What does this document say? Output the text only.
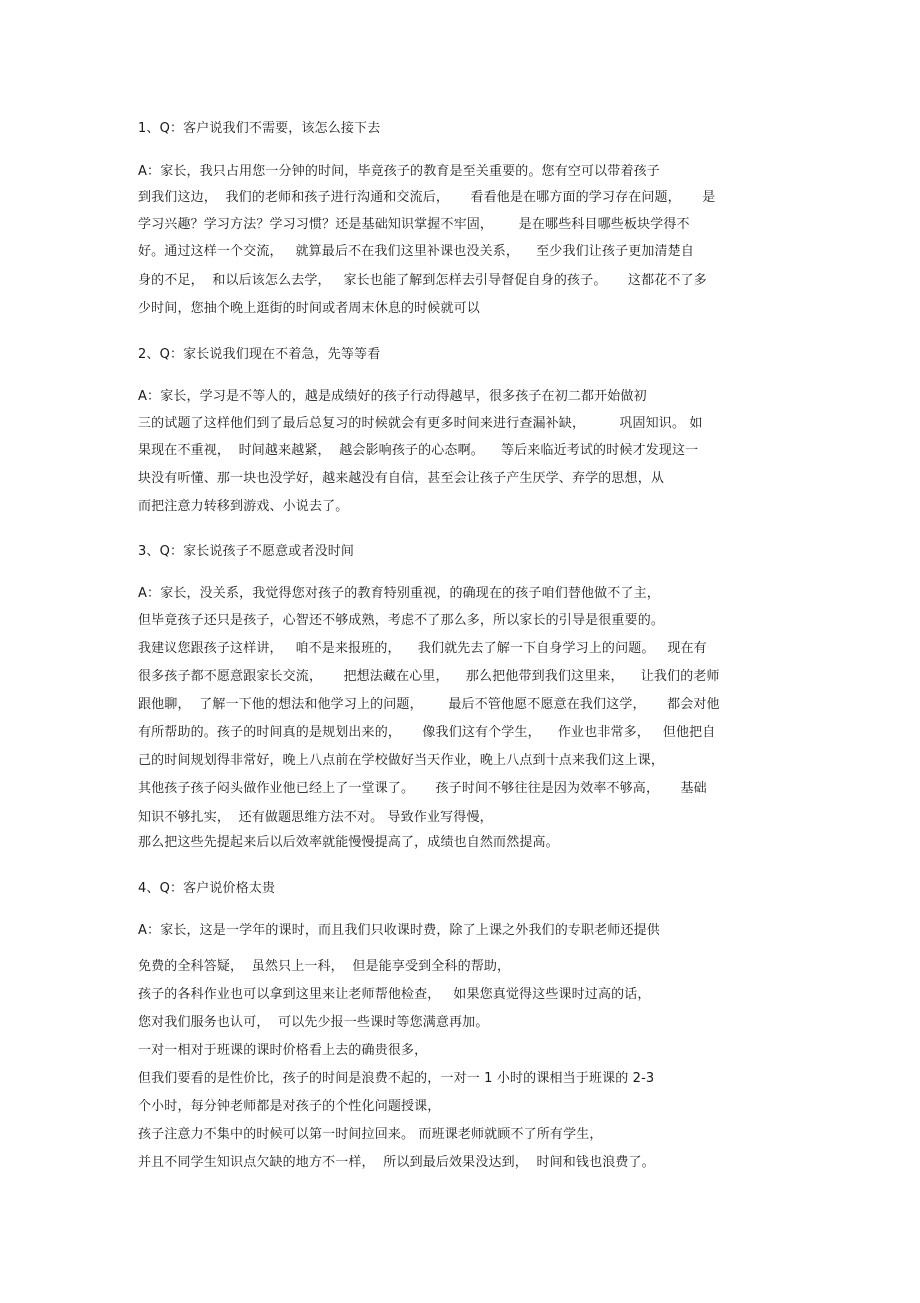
1、Q：客户说我们不需要，该怎么接下去

A：家长，我只占用您一分钟的时间，毕竟孩子的教育是至关重要的。您有空可以带着孩子

到我们这边，  我们的老师和孩子进行沟通和交流后，     看看他是在哪方面的学习存在问题，     是

学习兴趣？学习方法？学习习惯？还是基础知识掌握不牢固，      是在哪些科目哪些板块学得不

好。通过这样一个交流，   就算最后不在我们这里补课也没关系，    至少我们让孩子更加清楚自

身的不足，  和以后该怎么去学，   家长也能了解到怎样去引导督促自身的孩子。     这都花不了多

少时间，您抽个晚上逛街的时间或者周末休息的时候就可以

2、Q：家长说我们现在不着急，先等等看

A：家长，学习是不等人的，越是成绩好的孩子行动得越早，很多孩子在初二都开始做初

三的试题了这样他们到了最后总复习的时候就会有更多时间来进行查漏补缺，        巩固知识。 如

果现在不重视，  时间越来越紧，  越会影响孩子的心态啊。    等后来临近考试的时候才发现这一

块没有听懂、那一块也没学好，越来越没有自信，甚至会让孩子产生厌学、弃学的思想，从

而把注意力转移到游戏、小说去了。

3、Q：家长说孩子不愿意或者没时间

A：家长，没关系，我觉得您对孩子的教育特别重视，的确现在的孩子咱们替他做不了主，

但毕竟孩子还只是孩子，心智还不够成熟，考虑不了那么多，所以家长的引导是很重要的。

我建议您跟孩子这样讲，   咱不是来报班的，    我们就先去了解一下自身学习上的问题。   现在有

很多孩子都不愿意跟家长交流，     把想法藏在心里，    那么把他带到我们这里来，    让我们的老师

跟他聊，  了解一下他的想法和他学习上的问题，      最后不管他愿不愿意在我们这学，     都会对他

有所帮助的。孩子的时间真的是规划出来的，     像我们这有个学生，    作业也非常多，   但他把自

己的时间规划得非常好，晚上八点前在学校做好当天作业，晚上八点到十点来我们这上课，

其他孩子孩子闷头做作业他已经上了一堂课了。     孩子时间不够往往是因为效率不够高，     基础

知识不够扎实，  还有做题思维方法不对。 导致作业写得慢，

那么把这些先提起来后以后效率就能慢慢提高了，成绩也自然而然提高。

4、Q：客户说价格太贵

A：家长，这是一学年的课时，而且我们只收课时费，除了上课之外我们的专职老师还提供

免费的全科答疑，  虽然只上一科，  但是能享受到全科的帮助，

孩子的各科作业也可以拿到这里来让老师帮他检查，   如果您真觉得这些课时过高的话，

您对我们服务也认可，  可以先少报一些课时等您满意再加。

一对一相对于班课的课时价格看上去的确贵很多，

但我们要看的是性价比，孩子的时间是浪费不起的，一对一 1 小时的课相当于班课的 2-3

个小时，每分钟老师都是对孩子的个性化问题授课，

孩子注意力不集中的时候可以第一时间拉回来。 而班课老师就顾不了所有学生，

并且不同学生知识点欠缺的地方不一样，  所以到最后效果没达到，  时间和钱也浪费了。
